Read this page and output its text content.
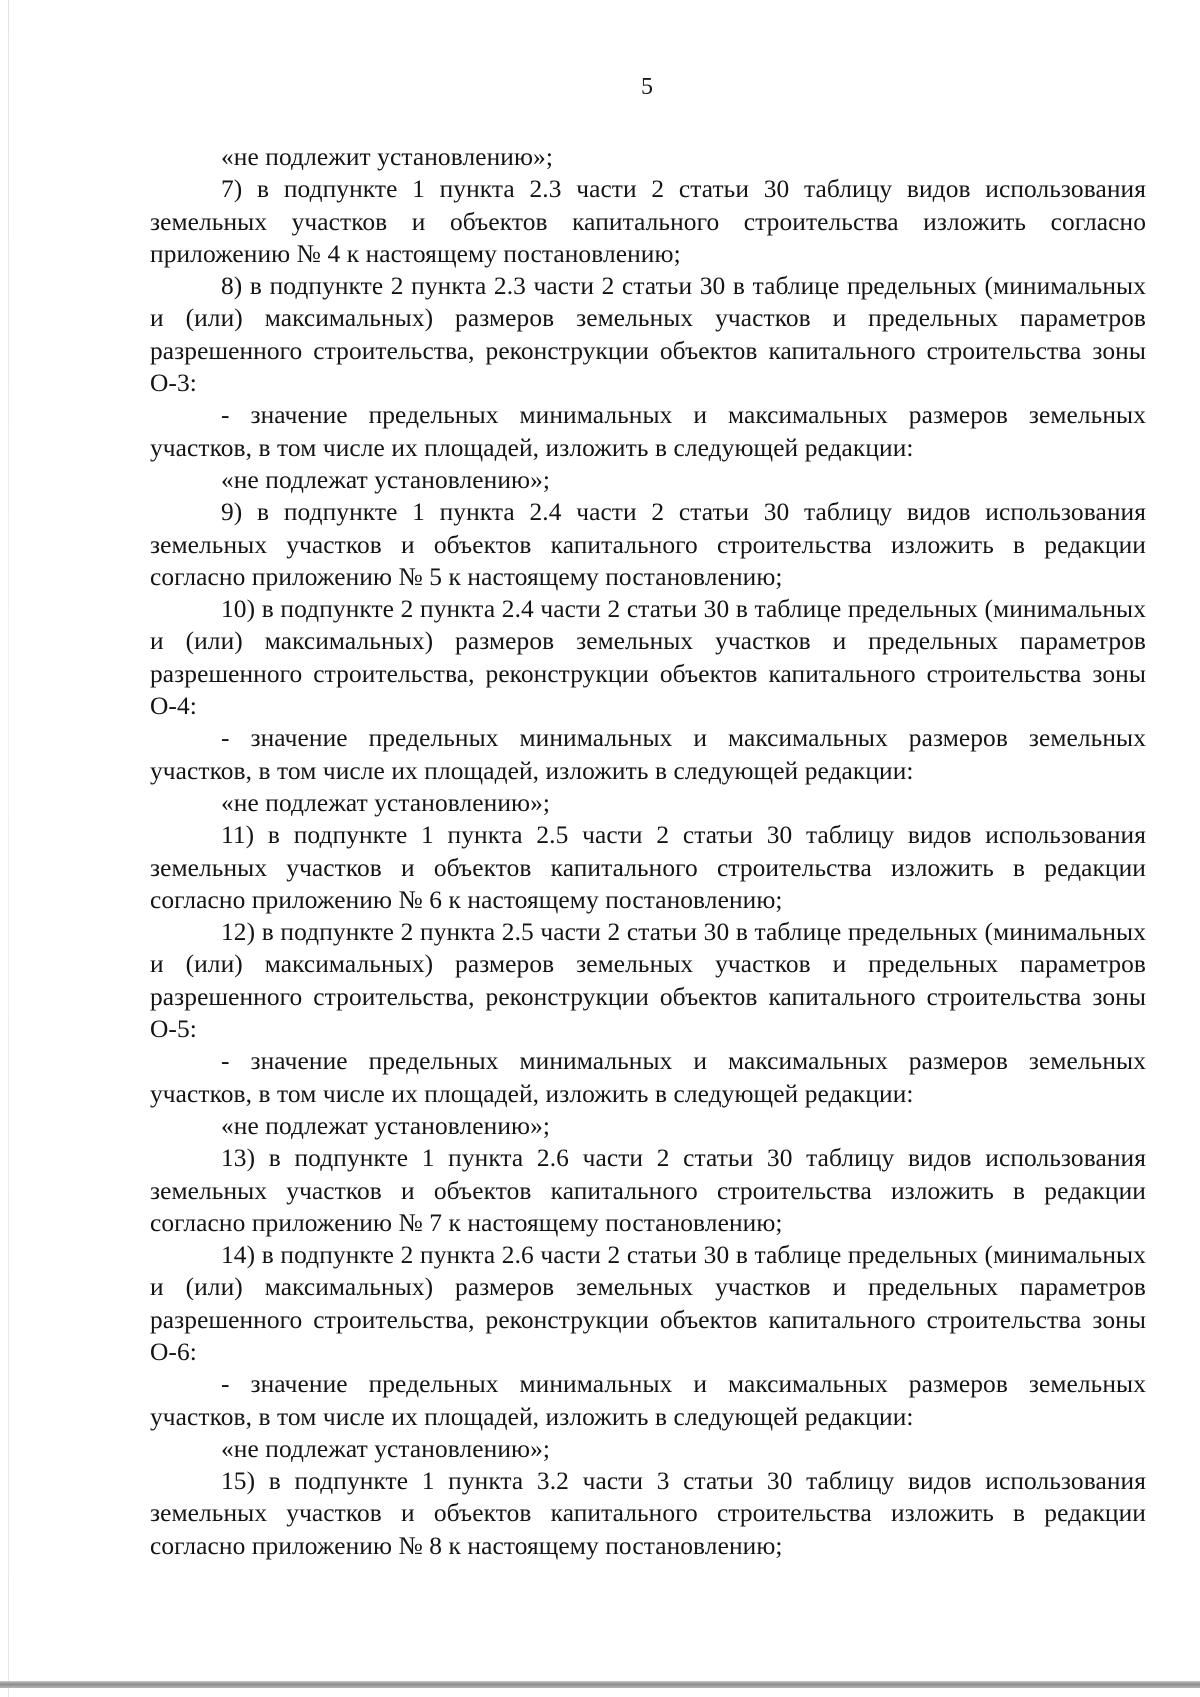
5

«не подлежит установлению»;

7) в подпункте 1 пункта 2.3 части 2 статьи 30 таблицу видов использования земельных участков и объектов капитального строительства изложить согласно приложению № 4 к настоящему постановлению;

8) в подпункте 2 пункта 2.3 части 2 статьи 30 в таблице предельных (минимальных и (или) максимальных) размеров земельных участков и предельных параметров разрешенного строительства, реконструкции объектов капитального строительства зоны О-3:

- значение предельных минимальных и максимальных размеров земельных участков, в том числе их площадей, изложить в следующей редакции:

«не подлежат установлению»;

9) в подпункте 1 пункта 2.4 части 2 статьи 30 таблицу видов использования земельных участков и объектов капитального строительства изложить в редакции согласно приложению № 5 к настоящему постановлению;

10) в подпункте 2 пункта 2.4 части 2 статьи 30 в таблице предельных (минимальных и (или) максимальных) размеров земельных участков и предельных параметров разрешенного строительства, реконструкции объектов капитального строительства зоны О-4:

- значение предельных минимальных и максимальных размеров земельных участков, в том числе их площадей, изложить в следующей редакции:

«не подлежат установлению»;

11) в подпункте 1 пункта 2.5 части 2 статьи 30 таблицу видов использования земельных участков и объектов капитального строительства изложить в редакции согласно приложению № 6 к настоящему постановлению;

12) в подпункте 2 пункта 2.5 части 2 статьи 30 в таблице предельных (минимальных и (или) максимальных) размеров земельных участков и предельных параметров разрешенного строительства, реконструкции объектов капитального строительства зоны О-5:

- значение предельных минимальных и максимальных размеров земельных участков, в том числе их площадей, изложить в следующей редакции:

«не подлежат установлению»;

13) в подпункте 1 пункта 2.6 части 2 статьи 30 таблицу видов использования земельных участков и объектов капитального строительства изложить в редакции согласно приложению № 7 к настоящему постановлению;

14) в подпункте 2 пункта 2.6 части 2 статьи 30 в таблице предельных (минимальных и (или) максимальных) размеров земельных участков и предельных параметров разрешенного строительства, реконструкции объектов капитального строительства зоны О-6:

- значение предельных минимальных и максимальных размеров земельных участков, в том числе их площадей, изложить в следующей редакции:

«не подлежат установлению»;

15) в подпункте 1 пункта 3.2 части 3 статьи 30 таблицу видов использования земельных участков и объектов капитального строительства изложить в редакции согласно приложению № 8 к настоящему постановлению;
